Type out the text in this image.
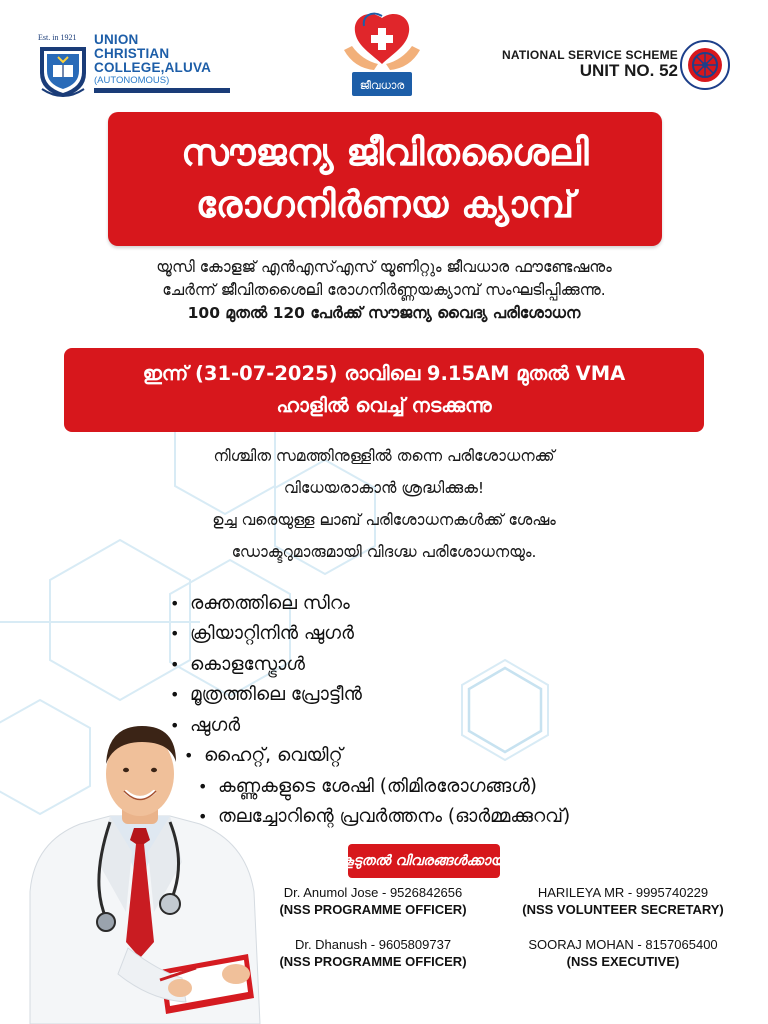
Est. in 1921 UNION
CHRISTIAN
COLLEGE,ALUVA
(AUTONOMOUS)	ജീവധാര
NATIONAL SERVICE SCHEME
UNIT NO. 52
സൗജന്യ ജീവിതശൈലി
രോഗനിർണയ ക്യാമ്പ്
യൂസി കോളജ് എൻഎസ്എസ് യൂണിറ്റും ജീവധാര ഫൗണ്ടേഷനും
ചേർന്ന് ജീവിതശൈലി രോഗനിർണ്ണയക്യാമ്പ് സംഘടിപ്പിക്കുന്നു.
100 മുതൽ 120 പേർക്ക് സൗജന്യ വൈദ്യ പരിശോധന
ഇന്ന് (31-07-2025) രാവിലെ 9.15AM മുതൽ VMA
ഹാളിൽ വെച്ച് നടക്കുന്നു
നിശ്ചിത സമത്തിനുള്ളിൽ തന്നെ പരിശോധനക്ക്
വിധേയരാകാൻ ശ്രദ്ധിക്കുക!
ഉച്ച വരെയുള്ള ലാബ് പരിശോധനകൾക്ക് ശേഷം
ഡോക്ടറുമാരുമായി വിദഗ്ദ്ധ പരിശോധനയും.
• രക്തത്തിലെ സിറം
• ക്രിയാറ്റിനിൻ ഷുഗർ
• കൊളസ്ട്രോൾ
• മൂത്രത്തിലെ പ്രോട്ടീൻ
• ഷുഗർ
• ഹൈറ്റ്, വെയിറ്റ്
• കണ്ണുകളുടെ ശേഷി (തിമിരരോഗങ്ങൾ)
• തലച്ചോറിന്റെ പ്രവർത്തനം (ഓർമ്മക്കുറവ്)
കൂടുതൽ വിവരങ്ങൾക്കായി
Dr. Anumol Jose - 9526842656
(NSS PROGRAMME OFFICER)
HARILEYA MR - 9995740229
(NSS VOLUNTEER SECRETARY)
Dr. Dhanush - 9605809737
(NSS PROGRAMME OFFICER)
SOORAJ MOHAN - 8157065400
(NSS EXECUTIVE)
